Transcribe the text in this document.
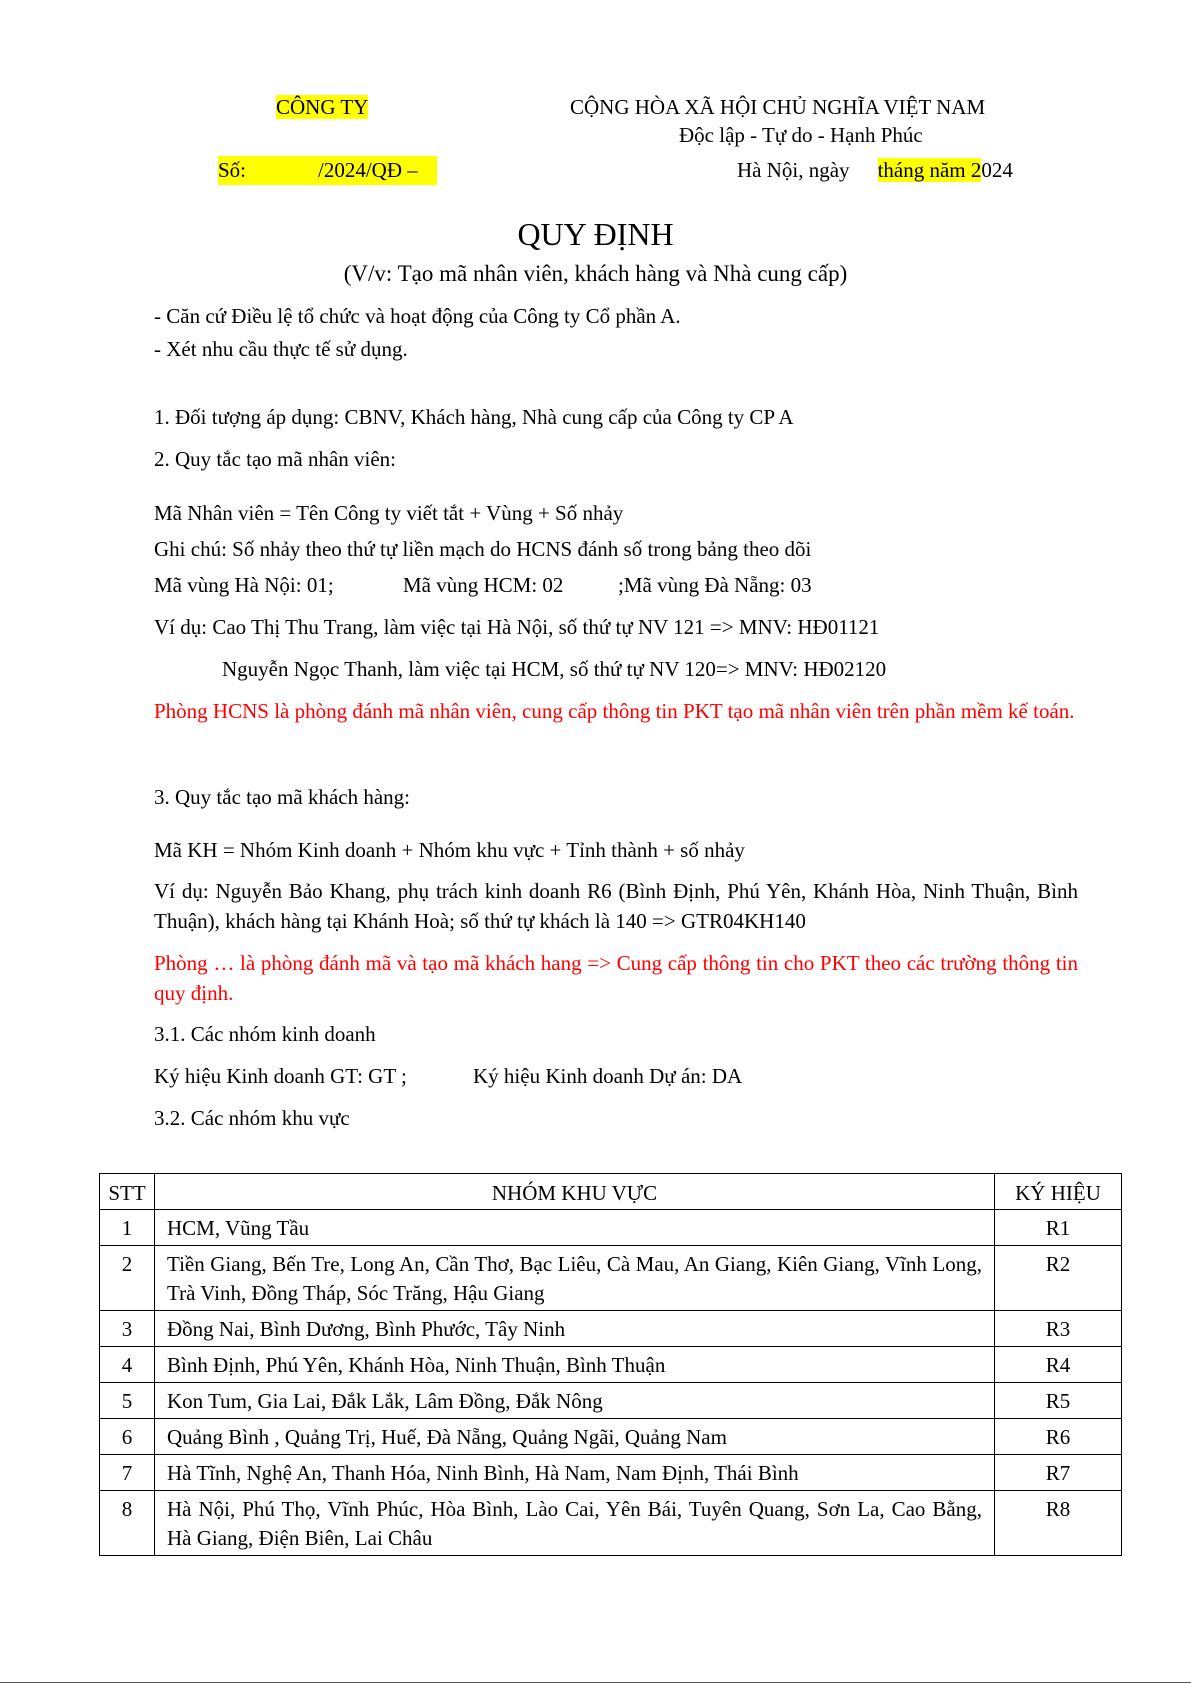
CÔNG TY
Số:	/2024/QĐ –
CỘNG HÒA XÃ HỘI CHỦ NGHĨA VIỆT NAM
Độc lập - Tự do - Hạnh Phúc
Hà Nội, ngày tháng năm 2024
QUY ĐỊNH
(V/v: Tạo mã nhân viên, khách hàng và Nhà cung cấp)
- Căn cứ Điều lệ tổ chức và hoạt động của Công ty Cổ phần A.
- Xét nhu cầu thực tế sử dụng.
1. Đối tượng áp dụng: CBNV, Khách hàng, Nhà cung cấp của Công ty CP A
2. Quy tắc tạo mã nhân viên:
Mã Nhân viên = Tên Công ty viết tắt + Vùng + Số nhảy
Ghi chú: Số nhảy theo thứ tự liền mạch do HCNS đánh số trong bảng theo dõi
Mã vùng Hà Nội: 01;	Mã vùng HCM: 02	;Mã vùng Đà Nẵng: 03
Ví dụ: Cao Thị Thu Trang, làm việc tại Hà Nội, số thứ tự NV 121 => MNV: HĐ01121
Nguyễn Ngọc Thanh, làm việc tại HCM, số thứ tự NV 120=> MNV: HĐ02120
Phòng HCNS là phòng đánh mã nhân viên, cung cấp thông tin PKT tạo mã nhân viên trên phần mềm kế toán.
3. Quy tắc tạo mã khách hàng:
Mã KH = Nhóm Kinh doanh + Nhóm khu vực + Tỉnh thành + số nhảy
Ví dụ: Nguyễn Bảo Khang, phụ trách kinh doanh R6 (Bình Định, Phú Yên, Khánh Hòa, Ninh Thuận, Bình Thuận), khách hàng tại Khánh Hoà; số thứ tự khách là 140 => GTR04KH140
Phòng … là phòng đánh mã và tạo mã khách hang => Cung cấp thông tin cho PKT theo các trường thông tin quy định.
3.1. Các nhóm kinh doanh
Ký hiệu Kinh doanh GT: GT ;	Ký hiệu Kinh doanh Dự án: DA
3.2. Các nhóm khu vực
STT	NHÓM KHU VỰC	KÝ HIỆU
1	HCM, Vũng Tầu	R1
2	Tiền Giang, Bến Tre, Long An, Cần Thơ, Bạc Liêu, Cà Mau, An Giang, Kiên Giang, Vĩnh Long, Trà Vinh, Đồng Tháp, Sóc Trăng, Hậu Giang	R2
3	Đồng Nai, Bình Dương, Bình Phước, Tây Ninh	R3
4	Bình Định, Phú Yên, Khánh Hòa, Ninh Thuận, Bình Thuận	R4
5	Kon Tum, Gia Lai, Đắk Lắk, Lâm Đồng, Đắk Nông	R5
6	Quảng Bình , Quảng Trị, Huế, Đà Nẵng, Quảng Ngãi, Quảng Nam	R6
7	Hà Tĩnh, Nghệ An, Thanh Hóa, Ninh Bình, Hà Nam, Nam Định, Thái Bình	R7
8	Hà Nội, Phú Thọ, Vĩnh Phúc, Hòa Bình, Lào Cai, Yên Bái, Tuyên Quang, Sơn La, Cao Bằng, Hà Giang, Điện Biên, Lai Châu	R8
